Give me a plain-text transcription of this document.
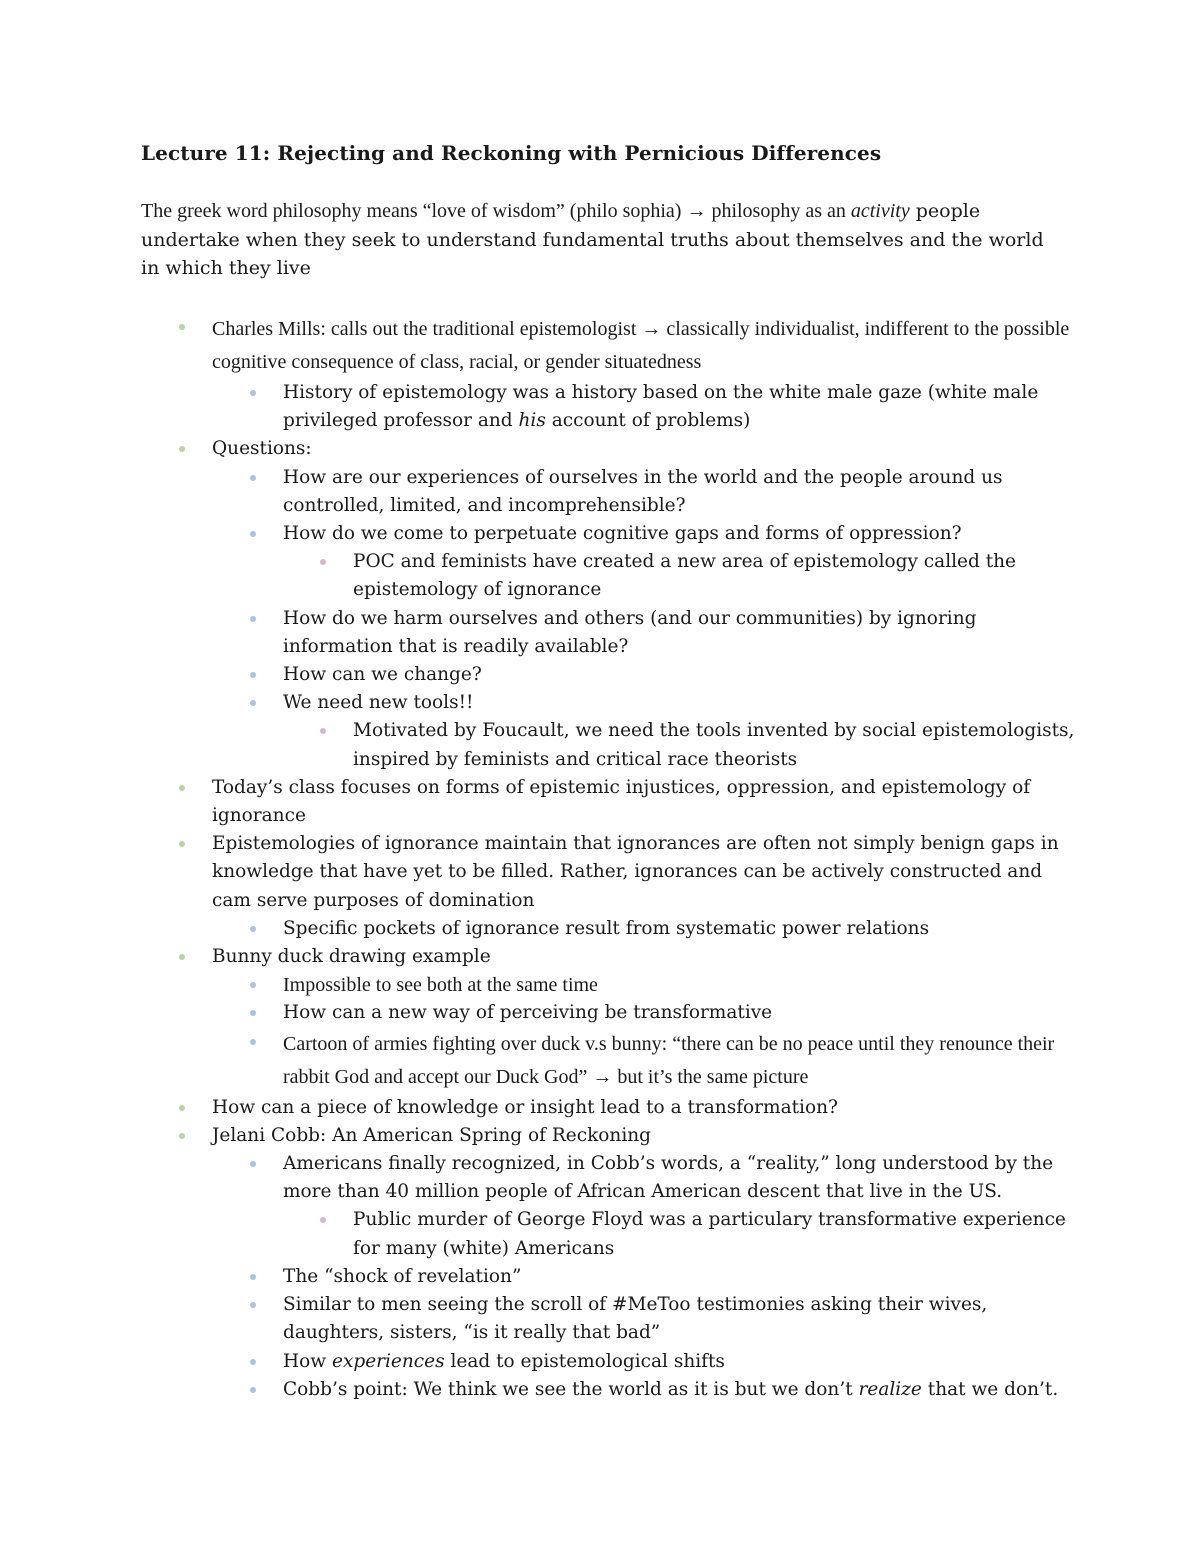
Lecture 11: Rejecting and Reckoning with Pernicious Differences

The greek word philosophy means “love of wisdom” (philo sophia) → philosophy as an activity people undertake when they seek to understand fundamental truths about themselves and the world in which they live

Charles Mills: calls out the traditional epistemologist → classically individualist, indifferent to the possible cognitive consequence of class, racial, or gender situatedness
History of epistemology was a history based on the white male gaze (white male privileged professor and his account of problems)
Questions:
How are our experiences of ourselves in the world and the people around us controlled, limited, and incomprehensible?
How do we come to perpetuate cognitive gaps and forms of oppression?
POC and feminists have created a new area of epistemology called the epistemology of ignorance
How do we harm ourselves and others (and our communities) by ignoring information that is readily available?
How can we change?
We need new tools!!
Motivated by Foucault, we need the tools invented by social epistemologists, inspired by feminists and critical race theorists
Today’s class focuses on forms of epistemic injustices, oppression, and epistemology of ignorance
Epistemologies of ignorance maintain that ignorances are often not simply benign gaps in knowledge that have yet to be filled. Rather, ignorances can be actively constructed and cam serve purposes of domination
Specific pockets of ignorance result from systematic power relations
Bunny duck drawing example
Impossible to see both at the same time
How can a new way of perceiving be transformative
Cartoon of armies fighting over duck v.s bunny: “there can be no peace until they renounce their rabbit God and accept our Duck God” → but it’s the same picture
How can a piece of knowledge or insight lead to a transformation?
Jelani Cobb: An American Spring of Reckoning
Americans finally recognized, in Cobb’s words, a “reality,” long understood by the more than 40 million people of African American descent that live in the US.
Public murder of George Floyd was a particulary transformative experience for many (white) Americans
The “shock of revelation”
Similar to men seeing the scroll of #MeToo testimonies asking their wives, daughters, sisters, “is it really that bad”
How experiences lead to epistemological shifts
Cobb’s point: We think we see the world as it is but we don’t realize that we don’t.
